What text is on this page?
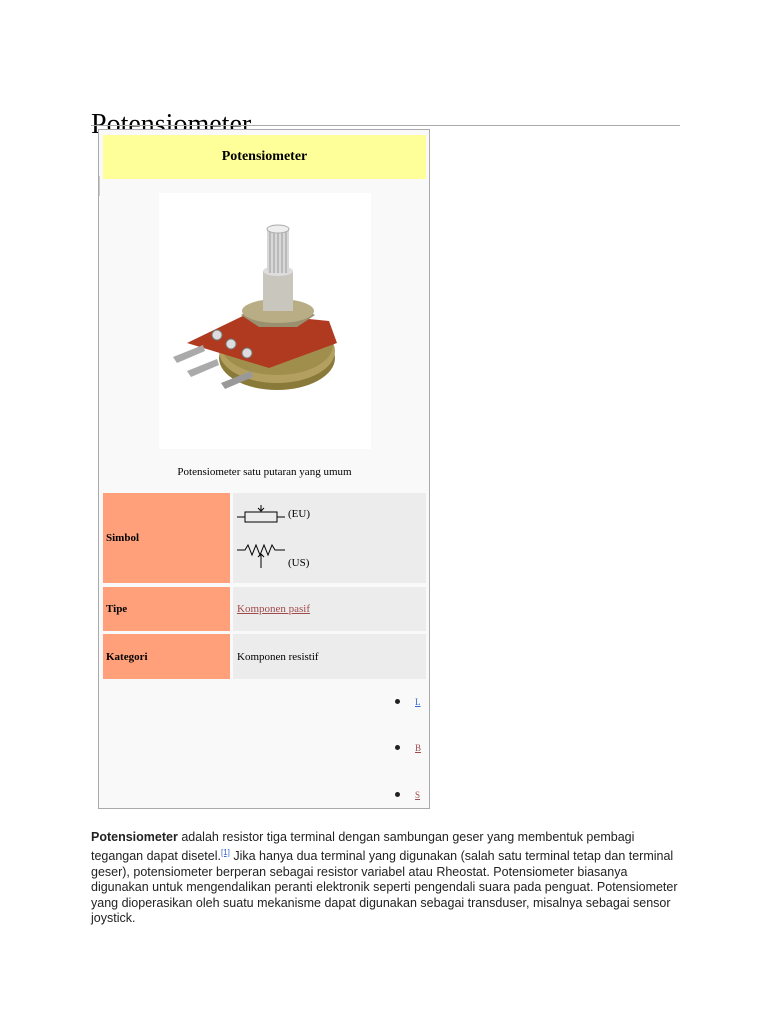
Potensiometer
Potensiometer satu putaran yang umum
Simbol
(EU)
(US)
Tipe	Komponen pasif
Kategori	Komponen resistif
L
B
S

Potensiometer adalah resistor tiga terminal dengan sambungan geser yang membentuk pembagi tegangan dapat disetel.[1] Jika hanya dua terminal yang digunakan (salah satu terminal tetap dan terminal geser), potensiometer berperan sebagai resistor variabel atau Rheostat. Potensiometer biasanya digunakan untuk mengendalikan peranti elektronik seperti pengendali suara pada penguat. Potensiometer yang dioperasikan oleh suatu mekanisme dapat digunakan sebagai transduser, misalnya sebagai sensor joystick.
